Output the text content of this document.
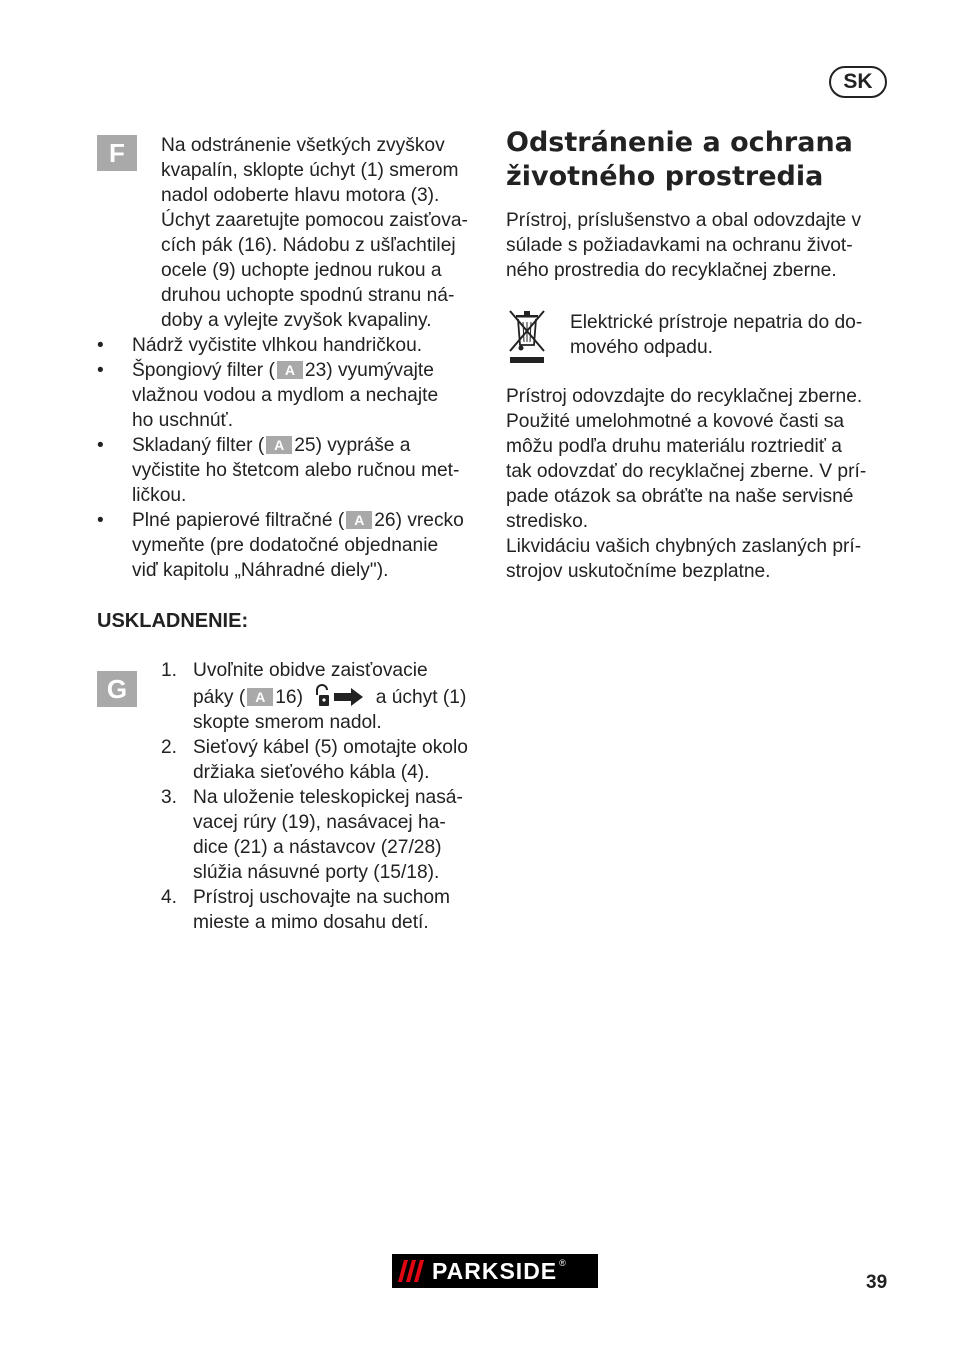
SK
F	Na odstránenie všetkých zvyškov
kvapalín, sklopte úchyt (1) smerom
nadol odoberte hlavu motora (3).
Úchyt zaaretujte pomocou zaisťova-
cích pák (16). Nádobu z ušľachtilej
ocele (9) uchopte jednou rukou a
druhou uchopte spodnú stranu ná-
doby a vylejte zvyšok kvapaliny.
• Nádrž vyčistite vlhkou handričkou.
• Špongiový filter ( A 23) vyumývajte
vlažnou vodou a mydlom a nechajte
ho uschnúť.
• Skladaný filter ( A 25) vypráše a
vyčistite ho štetcom alebo ručnou met-
ličkou.
• Plné papierové filtračné ( A 26) vrecko
vymeňte (pre dodatočné objednanie
viď kapitolu „Náhradné diely").
USKLADNENIE:
G
1. Uvoľnite obidve zaisťovacie
páky ( A 16)	a úchyt (1)
skopte smerom nadol.
2. Sieťový kábel (5) omotajte okolo
držiaka sieťového kábla (4).
3. Na uloženie teleskopickej nasá-
vacej rúry (19), nasávacej ha-
dice (21) a nástavcov (27/28)
slúžia násuvné porty (15/18).
4. Prístroj uschovajte na suchom
mieste a mimo dosahu detí.
Odstránenie a ochrana
životného prostredia
Prístroj, príslušenstvo a obal odovzdajte v
súlade s požiadavkami na ochranu život-
ného prostredia do recyklačnej zberne.
Elektrické prístroje nepatria do do-
mového odpadu.
Prístroj odovzdajte do recyklačnej zberne.
Použité umelohmotné a kovové časti sa
môžu podľa druhu materiálu roztriediť a
tak odovzdať do recyklačnej zberne. V prí-
pade otázok sa obráťte na naše servisné
stredisko.
Likvidáciu vašich chybných zaslaných prí-
strojov uskutočníme bezplatne.
PARKSIDE ®
39
